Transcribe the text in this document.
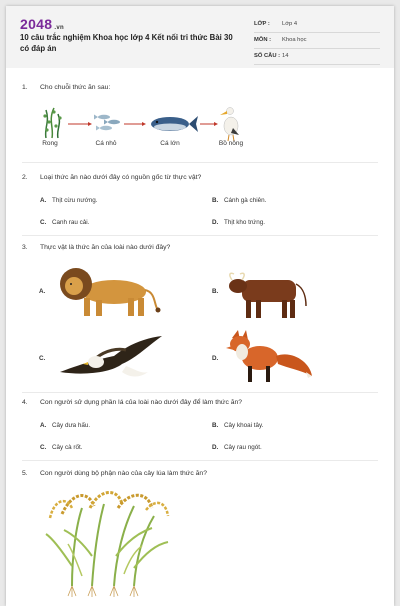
2048 .vn
10 câu trắc nghiệm Khoa học lớp 4 Kết nối tri thức Bài 30 có đáp án
LỚP : Lớp 4
MÔN : Khoa học
SỐ CÂU : 14
1. Cho chuỗi thức ăn sau:
Rong	Cá nhỏ	Cá lớn	Bồ nông
2. Loại thức ăn nào dưới đây có nguồn gốc từ thực vật?
A. Thịt cừu nướng.	B. Cánh gà chiên.
C. Canh rau cải.	D. Thịt kho trứng.
3. Thực vật là thức ăn của loài nào dưới đây?
A.	B.
C.	D.
4. Con người sử dụng phần lá của loài nào dưới đây để làm thức ăn?
A. Cây dưa hấu.	B. Cây khoai tây.
C. Cây cà rốt.	D. Cây rau ngót.
5. Con người dùng bộ phận nào của cây lúa làm thức ăn?
